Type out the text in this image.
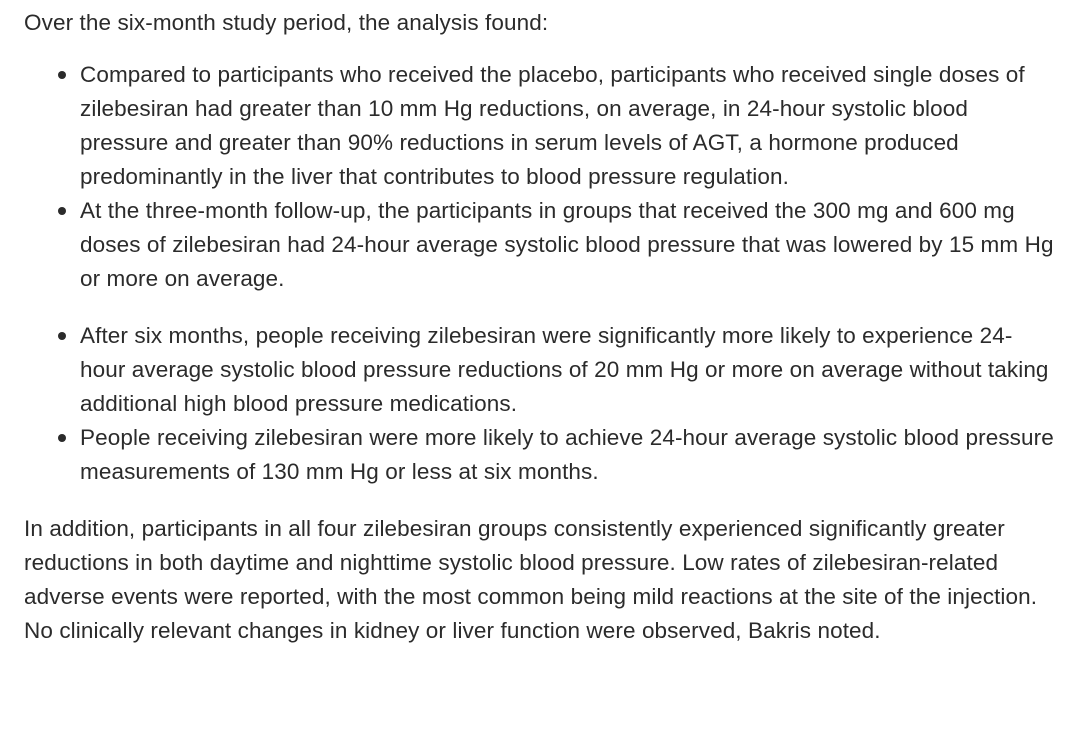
Over the six-month study period, the analysis found:

Compared to participants who received the placebo, participants who received single doses of zilebesiran had greater than 10 mm Hg reductions, on average, in 24-hour systolic blood pressure and greater than 90% reductions in serum levels of AGT, a hormone produced predominantly in the liver that contributes to blood pressure regulation.
At the three-month follow-up, the participants in groups that received the 300 mg and 600 mg doses of zilebesiran had 24-hour average systolic blood pressure that was lowered by 15 mm Hg or more on average.
After six months, people receiving zilebesiran were significantly more likely to experience 24-hour average systolic blood pressure reductions of 20 mm Hg or more on average without taking additional high blood pressure medications.
People receiving zilebesiran were more likely to achieve 24-hour average systolic blood pressure measurements of 130 mm Hg or less at six months.

In addition, participants in all four zilebesiran groups consistently experienced significantly greater reductions in both daytime and nighttime systolic blood pressure. Low rates of zilebesiran-related adverse events were reported, with the most common being mild reactions at the site of the injection. No clinically relevant changes in kidney or liver function were observed, Bakris noted.
